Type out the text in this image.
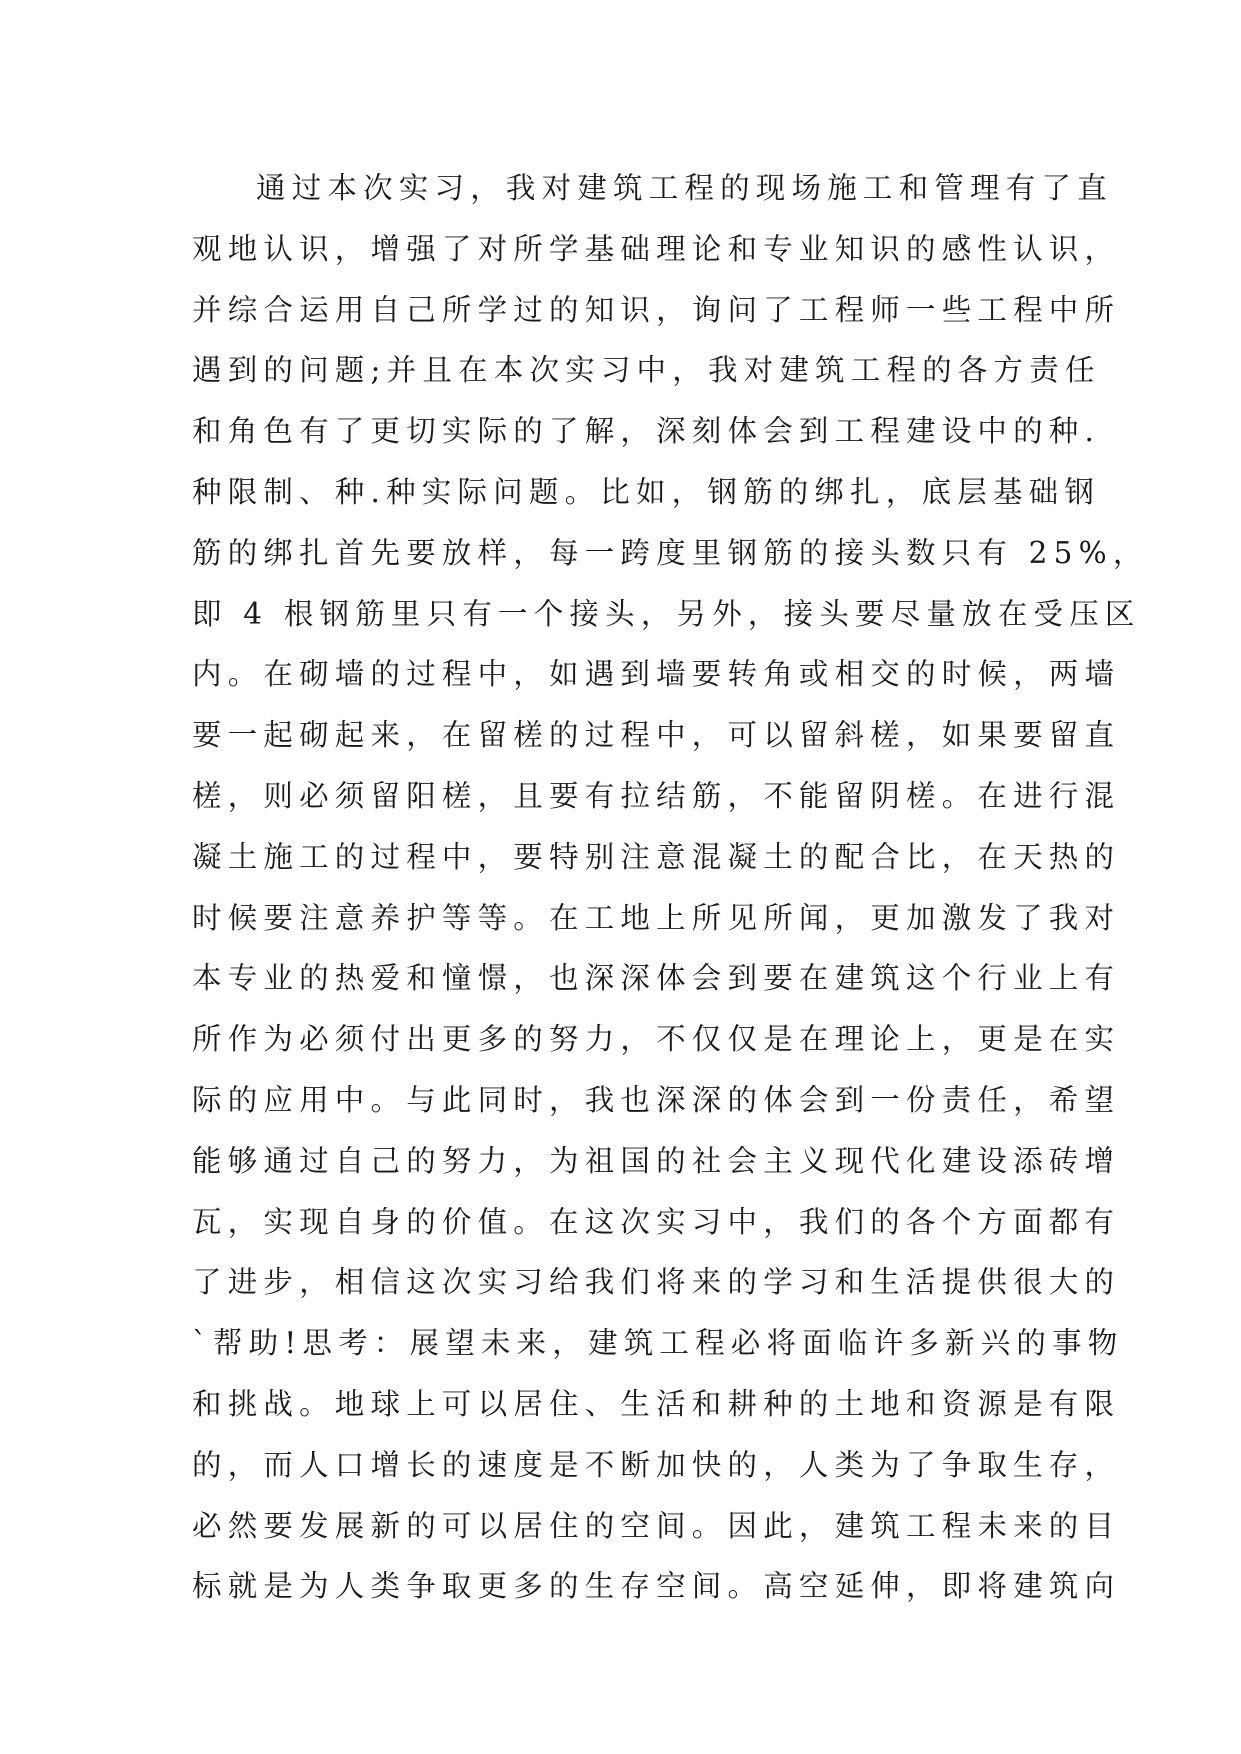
通过本次实习，我对建筑工程的现场施工和管理有了直
观地认识，增强了对所学基础理论和专业知识的感性认识，
并综合运用自己所学过的知识，询问了工程师一些工程中所
遇到的问题;并且在本次实习中，我对建筑工程的各方责任
和角色有了更切实际的了解，深刻体会到工程建设中的种.
种限制、种.种实际问题。比如，钢筋的绑扎，底层基础钢
筋的绑扎首先要放样，每一跨度里钢筋的接头数只有 25%，
即 4 根钢筋里只有一个接头，另外，接头要尽量放在受压区
内。在砌墙的过程中，如遇到墙要转角或相交的时候，两墙
要一起砌起来，在留槎的过程中，可以留斜槎，如果要留直
槎，则必须留阳槎，且要有拉结筋，不能留阴槎。在进行混
凝土施工的过程中，要特别注意混凝土的配合比，在天热的
时候要注意养护等等。在工地上所见所闻，更加激发了我对
本专业的热爱和憧憬，也深深体会到要在建筑这个行业上有
所作为必须付出更多的努力，不仅仅是在理论上，更是在实
际的应用中。与此同时，我也深深的体会到一份责任，希望
能够通过自己的努力，为祖国的社会主义现代化建设添砖增
瓦，实现自身的价值。在这次实习中，我们的各个方面都有
了进步，相信这次实习给我们将来的学习和生活提供很大的
`帮助!思考：展望未来，建筑工程必将面临许多新兴的事物
和挑战。地球上可以居住、生活和耕种的土地和资源是有限
的，而人口增长的速度是不断加快的，人类为了争取生存，
必然要发展新的可以居住的空间。因此，建筑工程未来的目
标就是为人类争取更多的生存空间。高空延伸，即将建筑向
